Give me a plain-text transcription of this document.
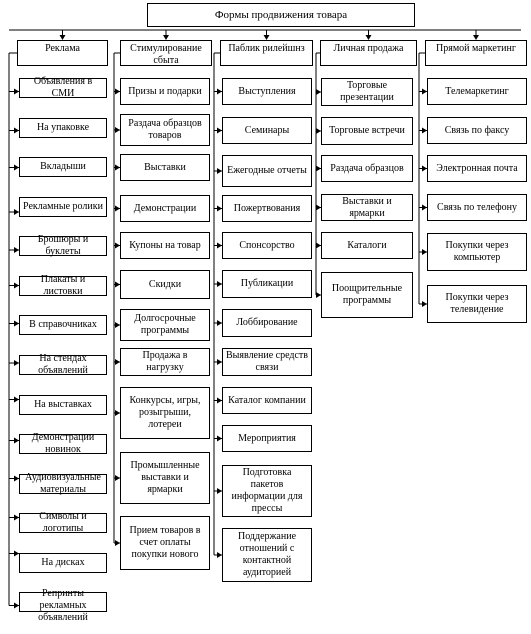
Формы продвижения товара
Реклама
Объявления в СМИ
На упаковке
Вкладыши
Рекламные ролики
Брошюры и буклеты
Плакаты и листовки
В справочниках
На стендах объявлений
На выставках
Демонстрации новинок
Аудиовизуальные материалы
Символы и логотипы
На дисках
Репринты рекламных объявлений
Стимулирование сбыта
Призы и подарки
Раздача образцов товаров
Выставки
Демонстрации
Купоны на товар
Скидки
Долгосрочные программы
Продажа в нагрузку
Конкурсы, игры, розыгрыши, лотереи
Промышленные выставки и ярмарки
Прием товаров в счет оплаты покупки нового
Паблик рилейшнз
Выступления
Семинары
Ежегодные отчеты
Пожертвования
Спонсорство
Публикации
Лоббирование
Выявление средств связи
Каталог компании
Мероприятия
Подготовка пакетов информации для прессы
Поддержание отношений с контактной аудиторией
Личная продажа
Торговые презентации
Торговые встречи
Раздача образцов
Выставки и ярмарки
Каталоги
Поощрительные программы
Прямой маркетинг
Телемаркетинг
Связь по факсу
Электронная почта
Связь по телефону
Покупки через компьютер
Покупки через телевидение
